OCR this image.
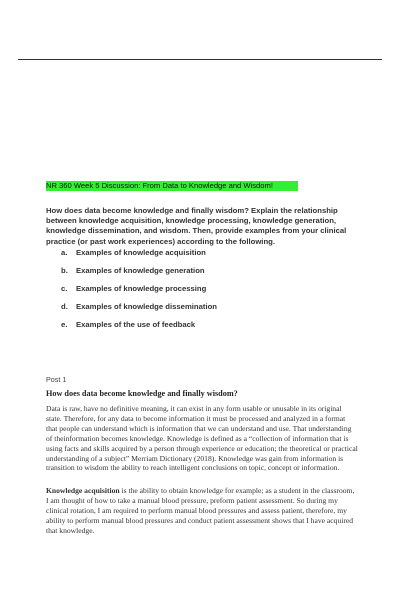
NR 360 Week 5 Discussion: From Data to Knowledge and Wisdom!

How does data become knowledge and finally wisdom? Explain the relationship between knowledge acquisition, knowledge processing, knowledge generation, knowledge dissemination, and wisdom. Then, provide examples from your clinical practice (or past work experiences) according to the following.

a.	Examples of knowledge acquisition
b.	Examples of knowledge generation
c.	Examples of knowledge processing
d.	Examples of knowledge dissemination
e.	Examples of the use of feedback
Post 1
How does data become knowledge and finally wisdom?

Data is raw, have no definitive meaning, it can exist in any form usable or unusable in its original state. Therefore, for any data to become information it must be processed and analyzed in a format that people can understand which is information that we can understand and use. That understanding of theinformation becomes knowledge. Knowledge is defined as a “collection of information that is using facts and skills acquired by a person through experience or education; the theoretical or practical understanding of a subject” Merriam Dictionary (2018). Knowledge was gain from information is transition to wisdom the ability to reach intelligent conclusions on topic, concept or information.

Knowledge acquisition is the ability to obtain knowledge for example; as a student in the classroom, I am thought of how to take a manual blood pressure, preform patient assessment. So during my clinical rotation, I am required to perform manual blood pressures and assess patient, therefore, my ability to perform manual blood pressures and conduct patient assessment shows that I have acquired that knowledge.
